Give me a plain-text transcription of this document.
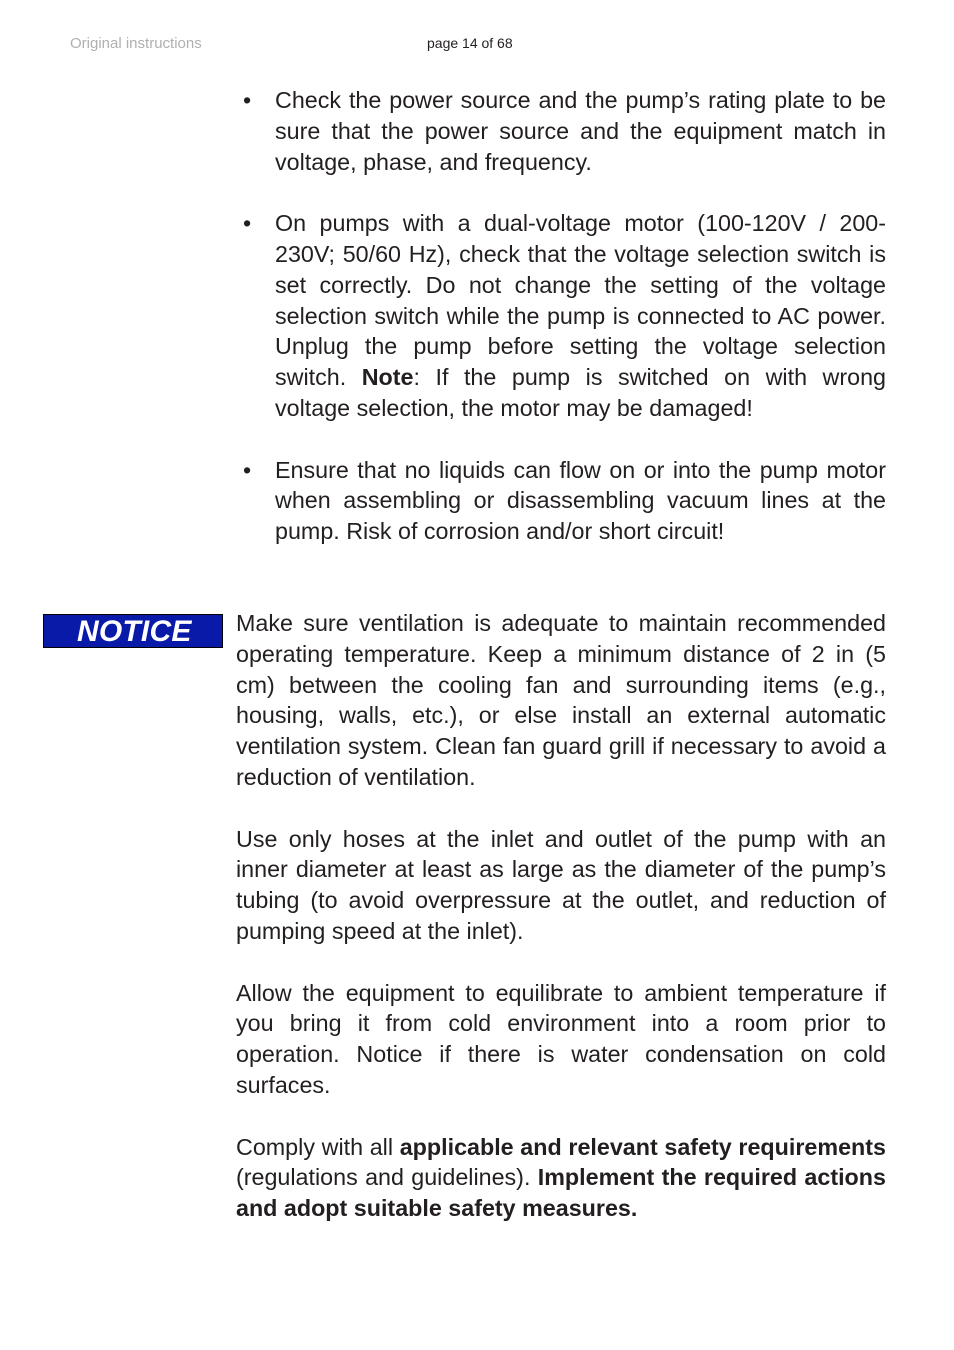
Original instructions	page 14 of 68
• Check the power source and the pump’s rating plate to be sure that the power source and the equipment match in voltage, phase, and frequency.
• On pumps with a dual-voltage motor (100-120V / 200-230V; 50/60 Hz), check that the voltage selection switch is set correctly. Do not change the setting of the voltage selection switch while the pump is connected to AC power. Unplug the pump before setting the voltage selection switch. Note: If the pump is switched on with wrong voltage selection, the motor may be damaged!
• Ensure that no liquids can flow on or into the pump motor when assembling or disassembling vacuum lines at the pump. Risk of corrosion and/or short circuit!
NOTICE	Make sure ventilation is adequate to maintain recommended operating temperature. Keep a minimum distance of 2 in (5 cm) between the cooling fan and surrounding items (e.g., housing, walls, etc.), or else install an external automatic ventilation system. Clean fan guard grill if necessary to avoid a reduction of ventilation.

Use only hoses at the inlet and outlet of the pump with an inner diameter at least as large as the diameter of the pump’s tubing (to avoid overpressure at the outlet, and reduction of pumping speed at the inlet).

Allow the equipment to equilibrate to ambient temperature if you bring it from cold environment into a room prior to operation. Notice if there is water condensation on cold surfaces.

Comply with all applicable and relevant safety requirements (regulations and guidelines). Implement the required actions and adopt suitable safety measures.
